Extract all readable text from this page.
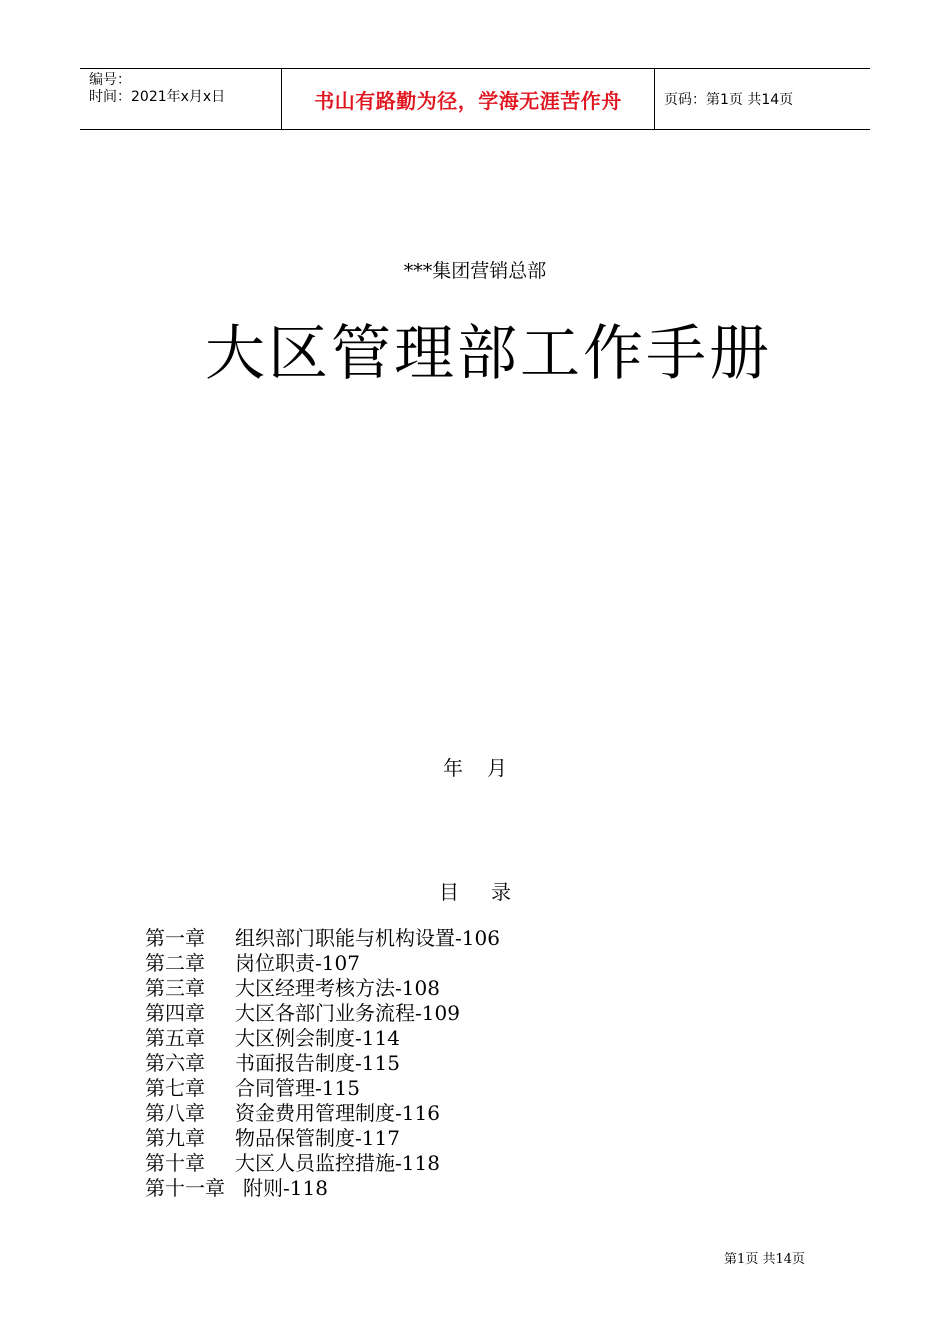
编号：
时间：2021年x月x日	书山有路勤为径，学海无涯苦作舟	页码：第1页 共14页
***集团营销总部
大区管理部工作手册
年 月
目 录
第一章	组织部门职能与机构设置 - 106
第二章	岗位职责 - 107
第三章	大区经理考核方法 - 108
第四章	大区各部门业务流程 - 109
第五章	大区例会制度 - 114
第六章	书面报告制度 - 115
第七章	合同管理 - 115
第八章	资金费用管理制度 - 116
第九章	物品保管制度 - 117
第十章	大区人员监控措施 - 118
第十一章 附则 - 118
第1页 共14页
